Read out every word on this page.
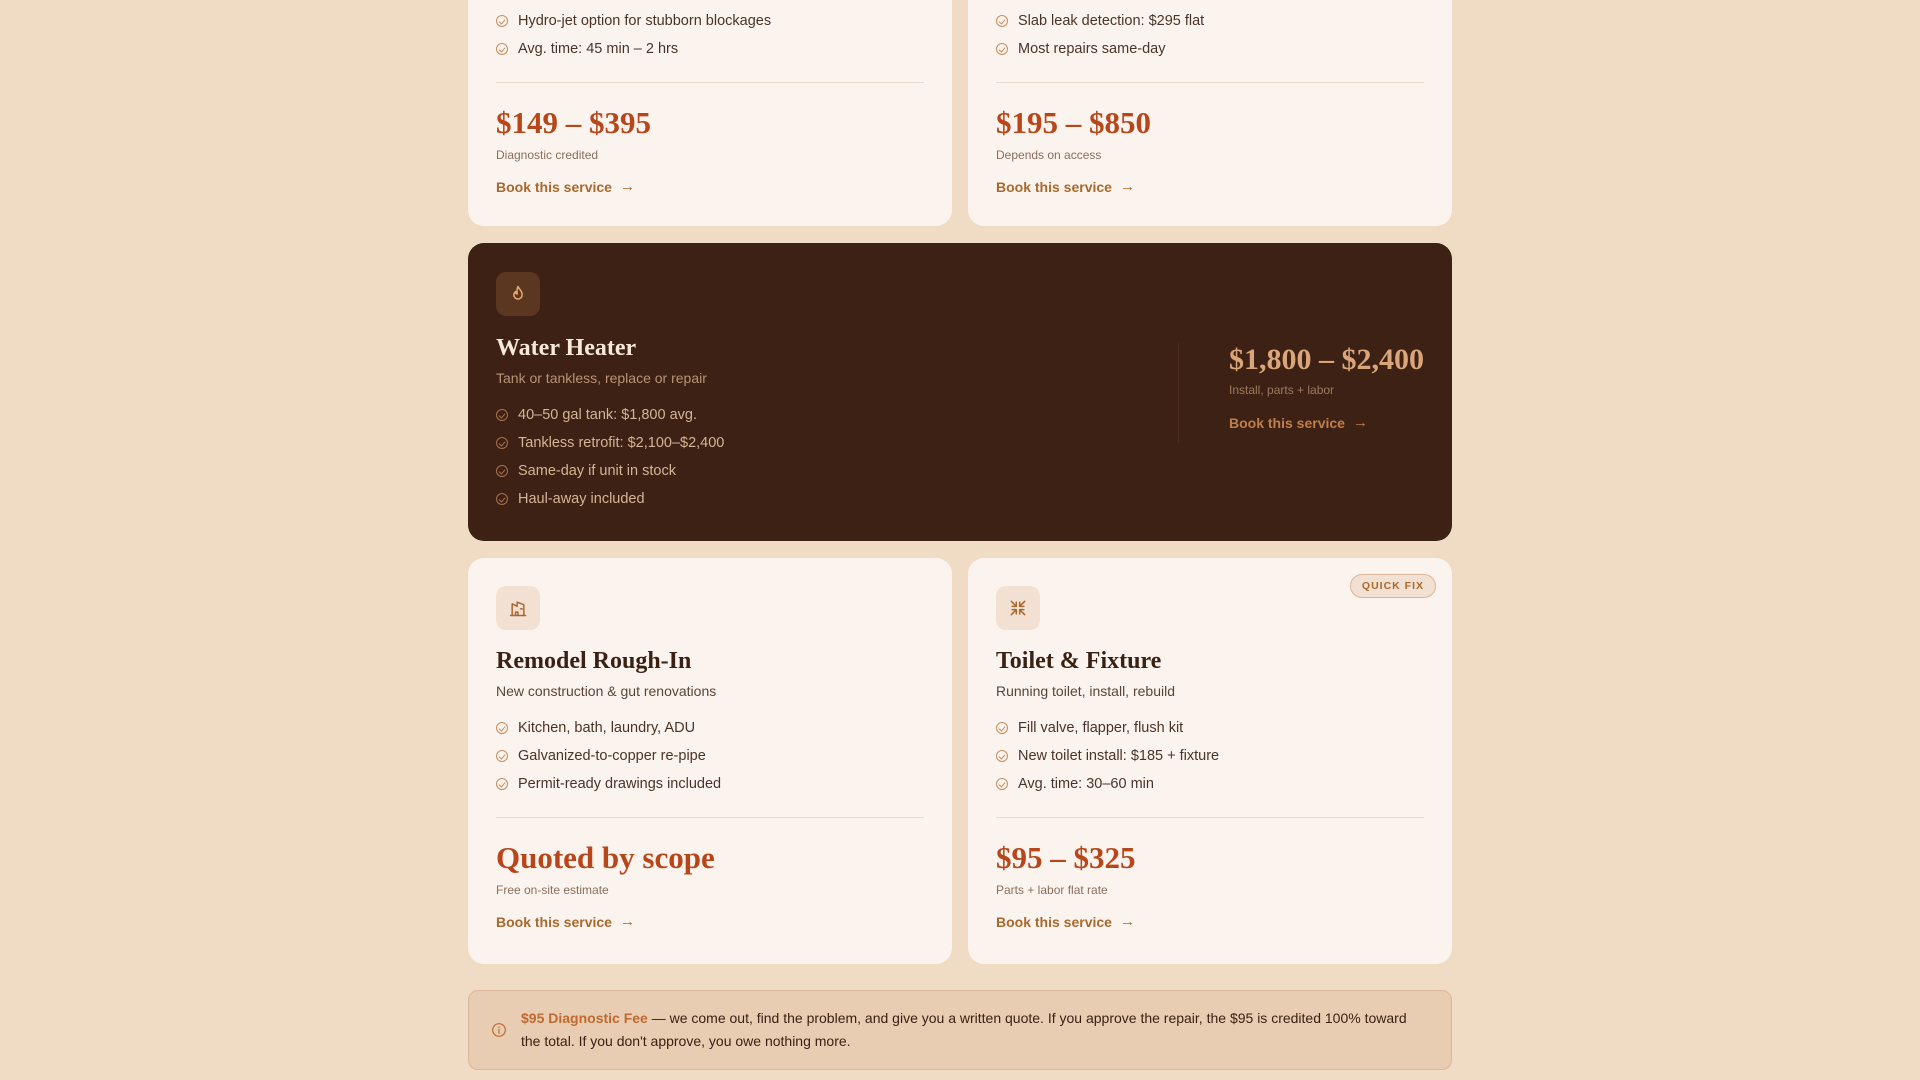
Hydro-jet option for stubborn blockages
Avg. time: 45 min – 2 hrs
$149 – $395
Diagnostic credited
Book this service →
Slab leak detection: $295 flat
Most repairs same-day
$195 – $850
Depends on access
Book this service →
Water Heater
Tank or tankless, replace or repair
40–50 gal tank: $1,800 avg.
Tankless retrofit: $2,100–$2,400
Same-day if unit in stock
Haul-away included
$1,800 – $2,400
Install, parts + labor
Book this service →
Remodel Rough-In
New construction & gut renovations
Kitchen, bath, laundry, ADU
Galvanized-to-copper re-pipe
Permit-ready drawings included
Quoted by scope
Free on-site estimate
Book this service →
QUICK FIX
Toilet & Fixture
Running toilet, install, rebuild
Fill valve, flapper, flush kit
New toilet install: $185 + fixture
Avg. time: 30–60 min
$95 – $325
Parts + labor flat rate
Book this service →
$95 Diagnostic Fee — we come out, find the problem, and give you a written quote. If you approve the repair, the $95 is credited 100% toward the total. If you don't approve, you owe nothing more.
